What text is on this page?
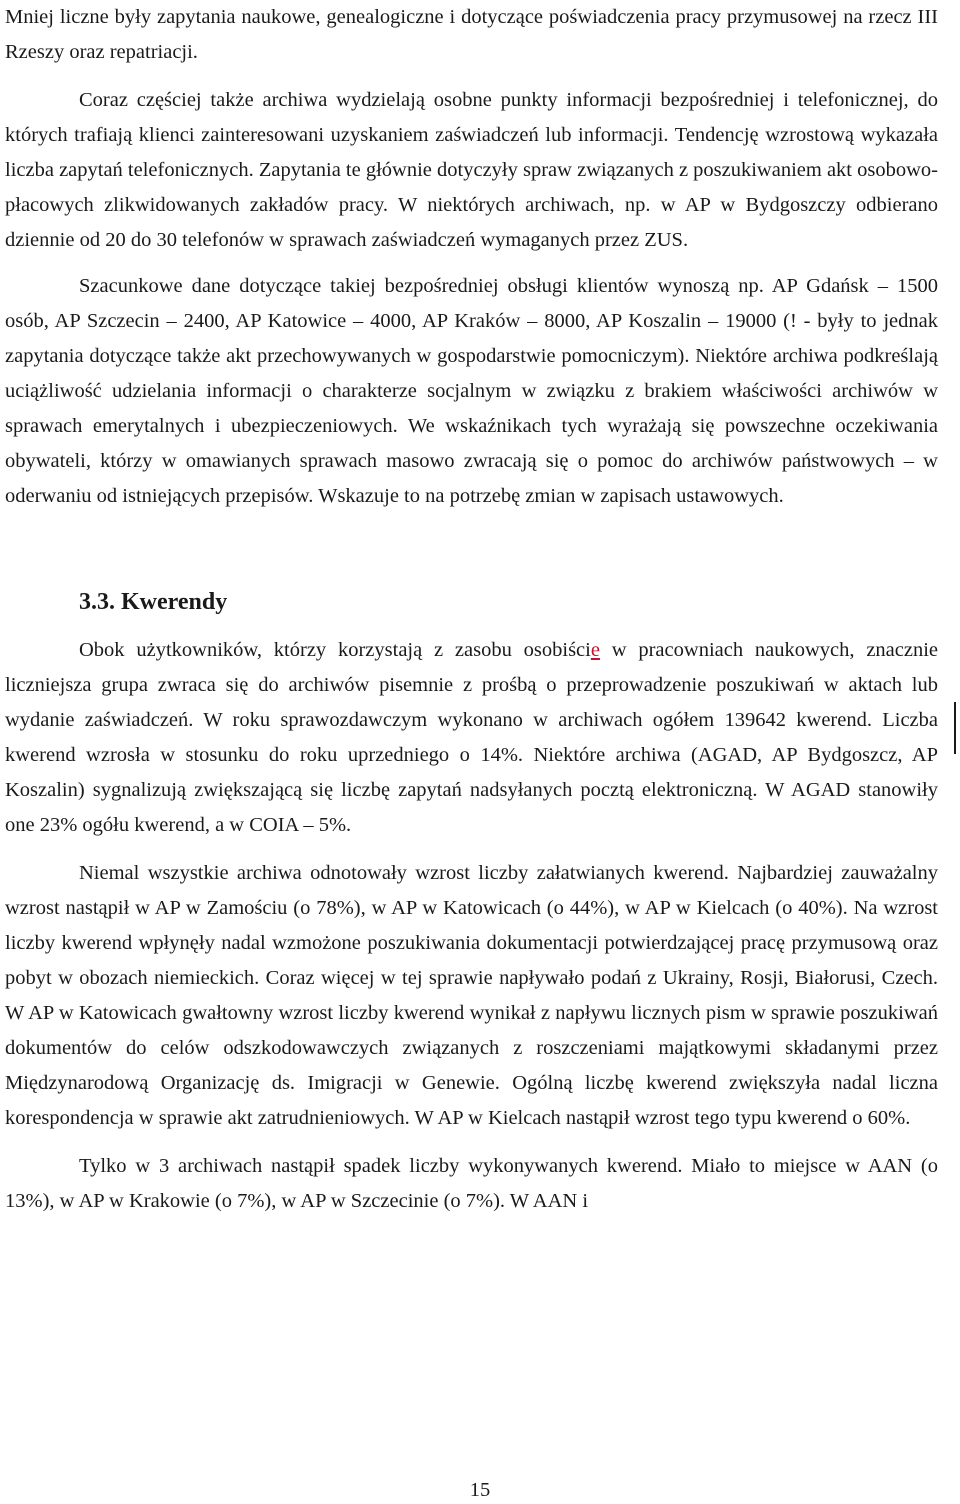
Mniej liczne były zapytania naukowe, genealogiczne i dotyczące poświadczenia pracy przymusowej na rzecz III Rzeszy oraz repatriacji.

Coraz częściej także archiwa wydzielają osobne punkty informacji bezpośredniej i telefonicznej, do których trafiają klienci zainteresowani uzyskaniem zaświadczeń lub informacji. Tendencję wzrostową wykazała liczba zapytań telefonicznych. Zapytania te głównie dotyczyły spraw związanych z poszukiwaniem akt osobowo-płacowych zlikwidowanych zakładów pracy. W niektórych archiwach, np. w AP w Bydgoszczy odbierano dziennie od 20 do 30 telefonów w sprawach zaświadczeń wymaganych przez ZUS.

Szacunkowe dane dotyczące takiej bezpośredniej obsługi klientów wynoszą np. AP Gdańsk – 1500 osób, AP Szczecin – 2400, AP Katowice – 4000, AP Kraków – 8000, AP Koszalin – 19000 (! - były to jednak zapytania dotyczące także akt przechowywanych w gospodarstwie pomocniczym). Niektóre archiwa podkreślają uciążliwość udzielania informacji o charakterze socjalnym w związku z brakiem właściwości archiwów w sprawach emerytalnych i ubezpieczeniowych. We wskaźnikach tych wyrażają się powszechne oczekiwania obywateli, którzy w omawianych sprawach masowo zwracają się o pomoc do archiwów państwowych – w oderwaniu od istniejących przepisów. Wskazuje to na potrzebę zmian w zapisach ustawowych.

3.3. Kwerendy

Obok użytkowników, którzy korzystają z zasobu osobiście w pracowniach naukowych, znacznie liczniejsza grupa zwraca się do archiwów pisemnie z prośbą o przeprowadzenie poszukiwań w aktach lub wydanie zaświadczeń. W roku sprawozdawczym wykonano w archiwach ogółem 139642 kwerend. Liczba kwerend wzrosła w stosunku do roku uprzedniego o 14%. Niektóre archiwa (AGAD, AP Bydgoszcz, AP Koszalin) sygnalizują zwiększającą się liczbę zapytań nadsyłanych pocztą elektroniczną. W AGAD stanowiły one 23% ogółu kwerend, a w COIA – 5%.

Niemal wszystkie archiwa odnotowały wzrost liczby załatwianych kwerend. Najbardziej zauważalny wzrost nastąpił w AP w Zamościu (o 78%), w AP w Katowicach (o 44%), w AP w Kielcach (o 40%). Na wzrost liczby kwerend wpłynęły nadal wzmożone poszukiwania dokumentacji potwierdzającej pracę przymusową oraz pobyt w obozach niemieckich. Coraz więcej w tej sprawie napływało podań z Ukrainy, Rosji, Białorusi, Czech. W AP w Katowicach gwałtowny wzrost liczby kwerend wynikał z napływu licznych pism w sprawie poszukiwań dokumentów do celów odszkodowawczych związanych z roszczeniami majątkowymi składanymi przez Międzynarodową Organizację ds. Imigracji w Genewie. Ogólną liczbę kwerend zwiększyła nadal liczna korespondencja w sprawie akt zatrudnieniowych. W AP w Kielcach nastąpił wzrost tego typu kwerend o 60%.

Tylko w 3 archiwach nastąpił spadek liczby wykonywanych kwerend. Miało to miejsce w AAN (o 13%), w AP w Krakowie (o 7%), w AP w Szczecinie (o 7%). W AAN i

15
